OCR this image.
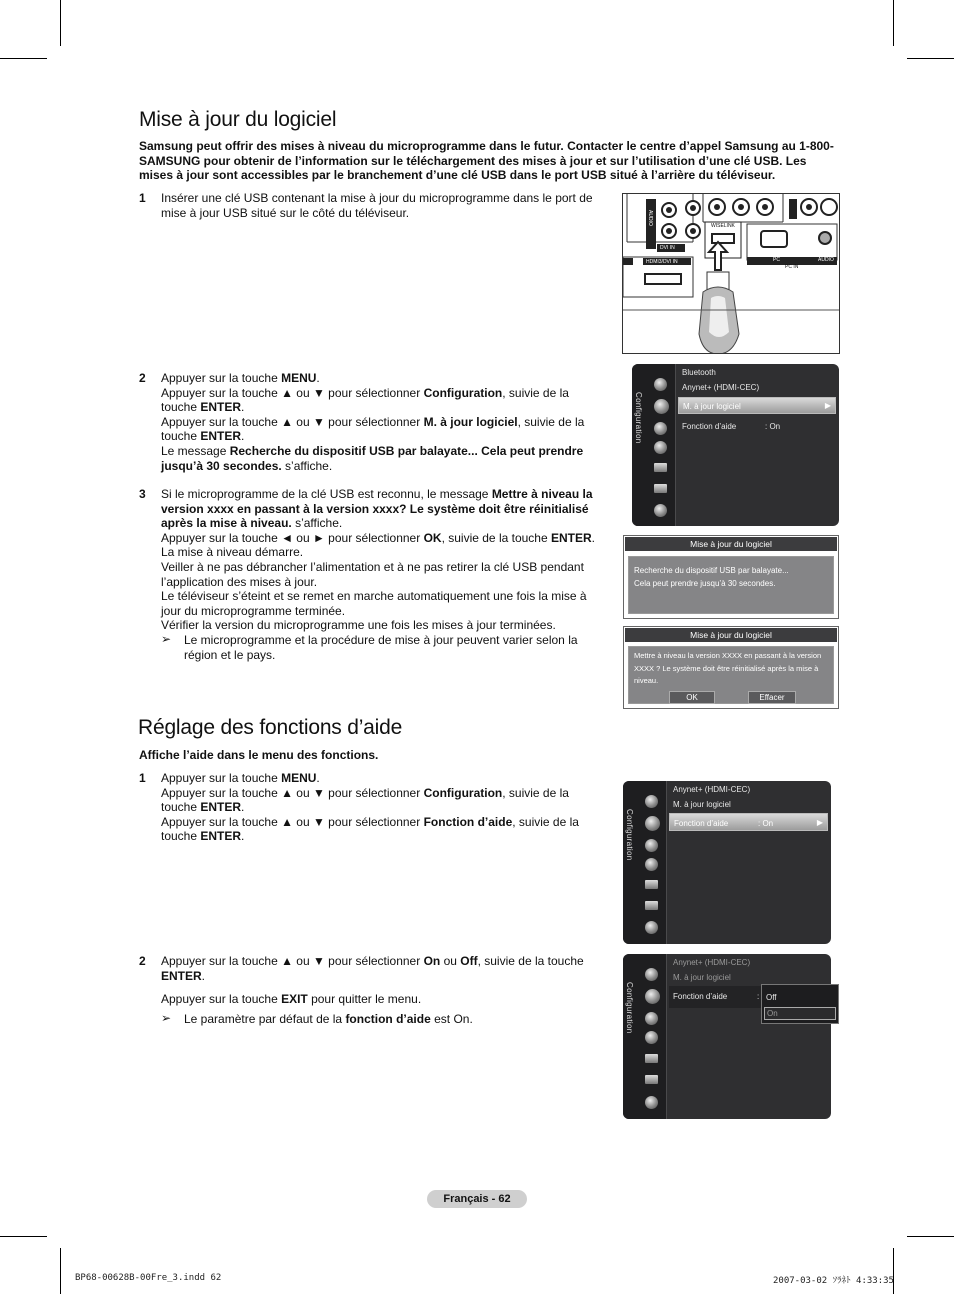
Mise à jour du logiciel
Samsung peut offrir des mises à niveau du microprogramme dans le futur. Contacter le centre d’appel Samsung au 1-800-SAMSUNG pour obtenir de l’information sur le téléchargement des mises à jour et sur l’utilisation d’une clé USB. Les mises à jour sont accessibles par le branchement d’une clé USB dans le port USB situé à l’arrière du téléviseur.
1 Insérer une clé USB contenant la mise à jour du microprogramme dans le port de mise à jour USB situé sur le côté du téléviseur.	AUDIO
DVI IN
WISELINK
HDMI3/DVI IN	PC	AUDIO
PC IN
2 Appuyer sur la touche MENU.

Appuyer sur la touche ▲ ou ▼ pour sélectionner Configuration, suivie de la touche ENTER.

Appuyer sur la touche ▲ ou ▼ pour sélectionner M. à jour logiciel, suivie de la touche ENTER.

Le message Recherche du dispositif USB par balayate... Cela peut prendre jusqu’à 30 secondes. s’affiche.

3 Si le microprogramme de la clé USB est reconnu, le message Mettre à niveau la version xxxx en passant à la version xxxx? Le système doit être réinitialisé après la mise à niveau. s’affiche.

Appuyer sur la touche ◄ ou ► pour sélectionner OK, suivie de la touche ENTER.

La mise à niveau démarre.

Veiller à ne pas débrancher l’alimentation et à ne pas retirer la clé USB pendant l’application des mises à jour.

Le téléviseur s’éteint et se remet en marche automatiquement une fois la mise à jour du microprogramme terminée.

Vérifier la version du microprogramme une fois les mises à jour terminées.

➢ Le microprogramme et la procédure de mise à jour peuvent varier selon la région et le pays.
Configuration
Bluetooth
Anynet+ (HDMI-CEC)
M. à jour logiciel	▶
Fonction d’aide	: On
Mise à jour du logiciel
Recherche du dispositif USB par balayate...
Cela peut prendre jusqu’à 30 secondes.
Mise à jour du logiciel
Mettre à niveau la version XXXX en passant à la version XXXX ? Le système doit être réinitialisé après la mise à niveau.
OK	Effacer
Réglage des fonctions d’aide
Affiche l’aide dans le menu des fonctions.
1 Appuyer sur la touche MENU.

Appuyer sur la touche ▲ ou ▼ pour sélectionner Configuration, suivie de la touche ENTER.

Appuyer sur la touche ▲ ou ▼ pour sélectionner Fonction d’aide, suivie de la touche ENTER.

2 Appuyer sur la touche ▲ ou ▼ pour sélectionner On ou Off, suivie de la touche ENTER.

Appuyer sur la touche EXIT pour quitter le menu.

➢ Le paramètre par défaut de la fonction d’aide est On.
Configuration
Anynet+ (HDMI-CEC)
M. à jour logiciel
Fonction d’aide	: On	▶
Configuration
Anynet+ (HDMI-CEC)
M. à jour logiciel
Fonction d’aide	: Off
On
Français - 62
BP68-00628B-00Fre_3.indd 62	2007-03-02 ｿﾗﾈﾄ 4:33:35
